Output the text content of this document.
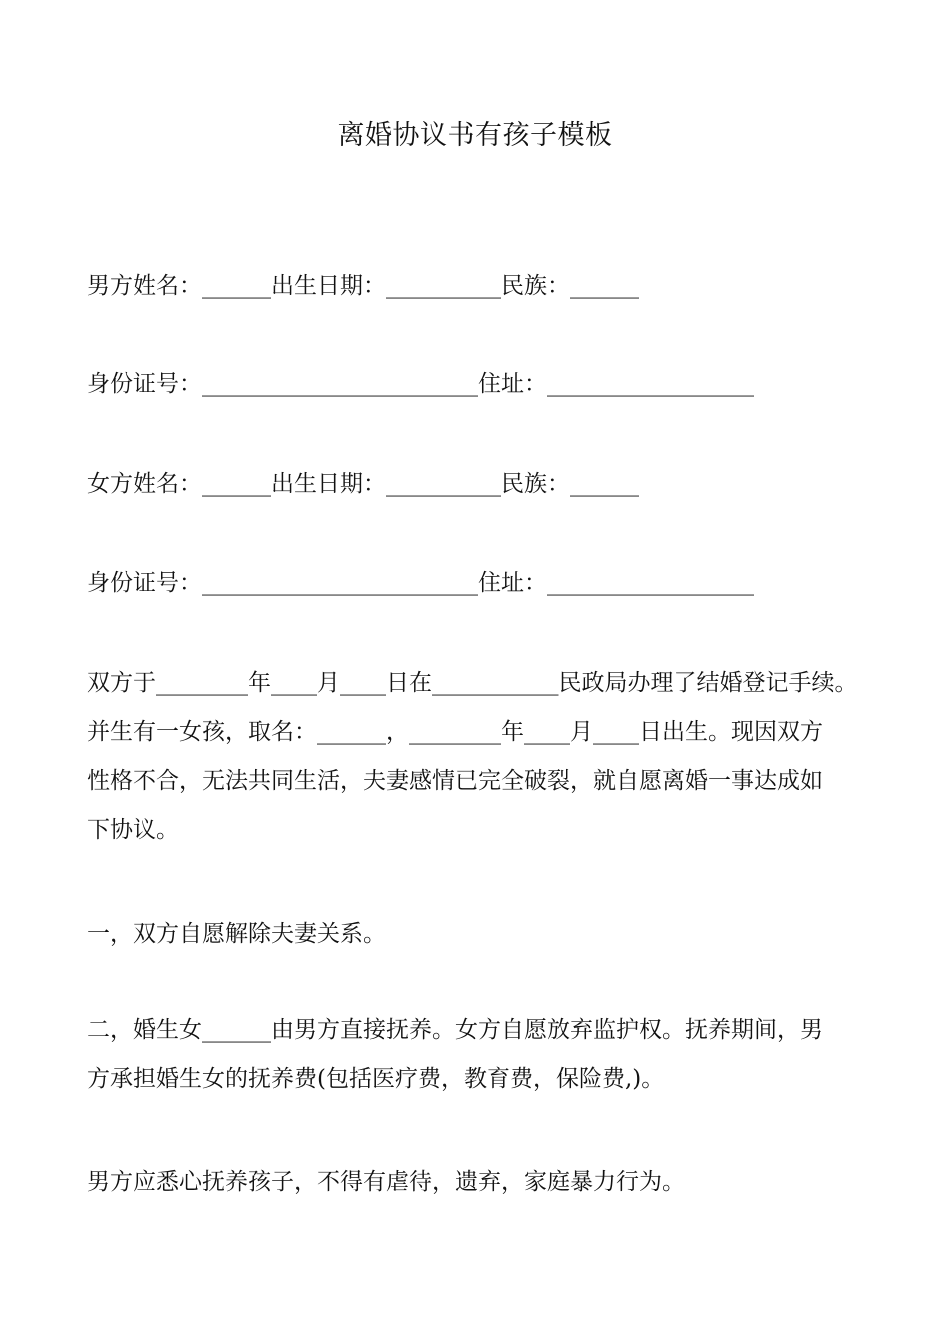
离婚协议书有孩子模板

男方姓名：______出生日期：__________民族：______

身份证号：________________________住址：__________________

女方姓名：______出生日期：__________民族：______

身份证号：________________________住址：__________________

双方于________年____月____日在___________民政局办理了结婚登记手续。
并生有一女孩，取名：______，________年____月____日出生。现因双方
性格不合，无法共同生活，夫妻感情已完全破裂，就自愿离婚一事达成如
下协议。

一，双方自愿解除夫妻关系。

二，婚生女______由男方直接抚养。女方自愿放弃监护权。抚养期间，男
方承担婚生女的抚养费(包括医疗费，教育费，保险费,)。

男方应悉心抚养孩子，不得有虐待，遗弃，家庭暴力行为。
